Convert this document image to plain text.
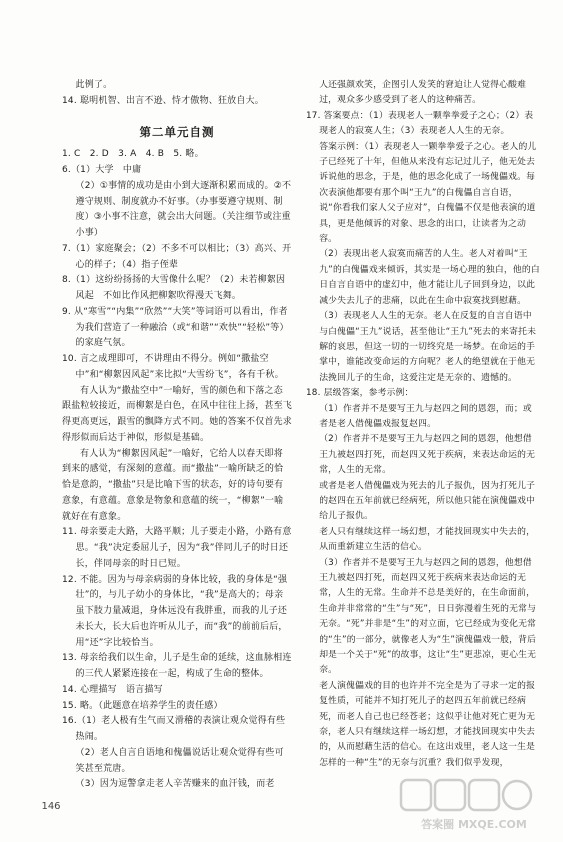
此例了。

14. 聪明机智、出言不逊、恃才傲物、狂放自大。

第二单元自测

1. C　2. D　3. A　4. B　5. 略。

6.（1）大学　中庸

（2）①事情的成功是由小到大逐渐积累而成的。②不遵守规则、制度就办不好事。（办事要遵守规则、制度）③小事不注意，就会出大问题。（关注细节或注重小事）

7.（1）家庭聚会；（2）不多不可以相比；（3）高兴、开心的样子；（4）指子侄辈

8.（1）这纷纷扬扬的大雪像什么呢？（2）未若柳絮因风起　不如比作风把柳絮吹得漫天飞舞。

9. 从“寒雪”“内集”“欣然”“大笑”等词语可以看出，作者为我们营造了一种融洽（或“和谐”“欢快”“轻松”等）的家庭气氛。

10. 言之成理即可，不讲理由不得分。例如“撒盐空中”和“柳絮因风起”来比拟“大雪纷飞”，各有千秋。

有人认为“撒盐空中”一喻好，雪的颜色和下落之态跟盐粒较接近，而柳絮是白色，在风中往往上扬，甚至飞得更高更远，跟雪的飘降方式不同。她的答案不仅首先求得形似而后达于神似，形似是基础。

有人认为“柳絮因风起”一喻好，它给人以春天即将到来的感觉，有深刻的意蕴。而“撒盐”一喻所缺乏的恰恰是意韵，“撒盐”只是比喻下雪的状态，好的诗句要有意象，有意蕴。意象是物象和意蕴的统一，“柳絮”一喻就好在有意象。

11. 母亲要走大路，大路平顺；儿子要走小路，小路有意思。“我”决定委屈儿子，因为“我”伴同儿子的时日还长，伴同母亲的时日已短。

12. 不能。因为与母亲病弱的身体比较，我的身体是“强壮”的，与儿子幼小的身体比，“我”是高大的；母亲虽下肢力量减退，身体远没有我胖重，而我的儿子还未长大，长大后也许听从儿子，而“我”的前前后后，用“还”字比较恰当。

13. 母亲给我们以生命，儿子是生命的延续，这血脉相连的三代人紧紧连接在一起，构成了生命的整体。

14. 心理描写　语言描写

15. 略。（此题意在培养学生的责任感）

16.（1）老人极有生气而又滑稽的表演让观众觉得有些热闹。

（2）老人自言自语地和傀儡说话让观众觉得有些可笑甚至荒唐。

（3）因为逗警拿走老人辛苦赚来的血汗钱，而老

人还强颜欢笑，企图引人发笑的窘迫让人觉得心酸难过，观众多少感受到了老人的这种痛苦。

17. 答案要点：（1）表现老人一颗拳拳爱子之心；（2）表现老人的寂寞人生；（3）表现老人人生的无奈。

答案示例：（1）表现老人一颗拳拳爱子之心。老人的儿子已经死了十年，但他从来没有忘记过儿子，他无处去诉说他的思念，于是，他的思念化成了一场傀儡戏。每次表演他都要有那个叫“王九”的白傀儡自言自语，说“你看我们家人父子应对”，白傀儡不仅是他表演的道具，更是他倾诉的对象、思念的出口，让读者为之动容。

（2）表现出老人寂寞而痛苦的人生。老人对着叫“王九”的白傀儡戏来倾诉，其实是一场心理的独白，他的白日自言自语中的虚幻中，他才能让儿子回到身边，以此减少失去儿子的悲痛，以此在生命中寂寞找到慰藉。

（3）表现老人人生的无奈。老人在反复的自言自语中与白傀儡“王九”说话，甚至他让“王九”死去的来寄托未解的哀思，但这一切的一切终究是一场梦。在命运的手掌中，谁能改变命运的方向呢？老人的绝望就在于他无法挽回儿子的生命，这爱注定是无奈的、遗憾的。

18. 层级答案，参考示例：

（1）作者并不是要写王九与赵四之间的恩怨，而；或者是老人借傀儡戏报复赵四。

（2）作者并不是要写王九与赵四之间的恩怨，他想借王九被赵四打死，而赵四又死于疾病，来表达命运的无常，人生的无常。

或者是老人借傀儡戏为死去的儿子报仇，因为打死儿子的赵四在五年前就已经病死，所以他只能在演傀儡戏中给儿子报仇。

老人只有继续这样一场幻想，才能找回现实中失去的，从而重新建立生活的信心。

（3）作者并不是要写王九与赵四之间的恩怨，他想借王九被赵四打死，而赵四又死于疾病来表达命运的无常，人生的无常。生命并不总是美好的，在生命面前，生命并非常常的“生”与“死”，日日弥漫着生死的无常与无奈。“死”并非是“生”的对立面，它已经成为变化无常的“生”的一部分，就像老人为“生”演傀儡戏一般，背后却是一个关于“死”的故事，这让“生”更悲凉，更心生无奈。

老人演傀儡戏的目的也许并不完全是为了寻求一定的报复性质，可能并不知打死儿子的赵四五年前就已经病死，而老人自己也已经苍老；这似乎让他对死亡更为无奈，老人只有继续这样一场幻想，才能找回现实中失去的，从而慰藉生活的信心。在这出戏里，老人这一生是怎样的一种“生”的无奈与沉重？我们似乎发现，

146
答案圈 MXQE.COM
